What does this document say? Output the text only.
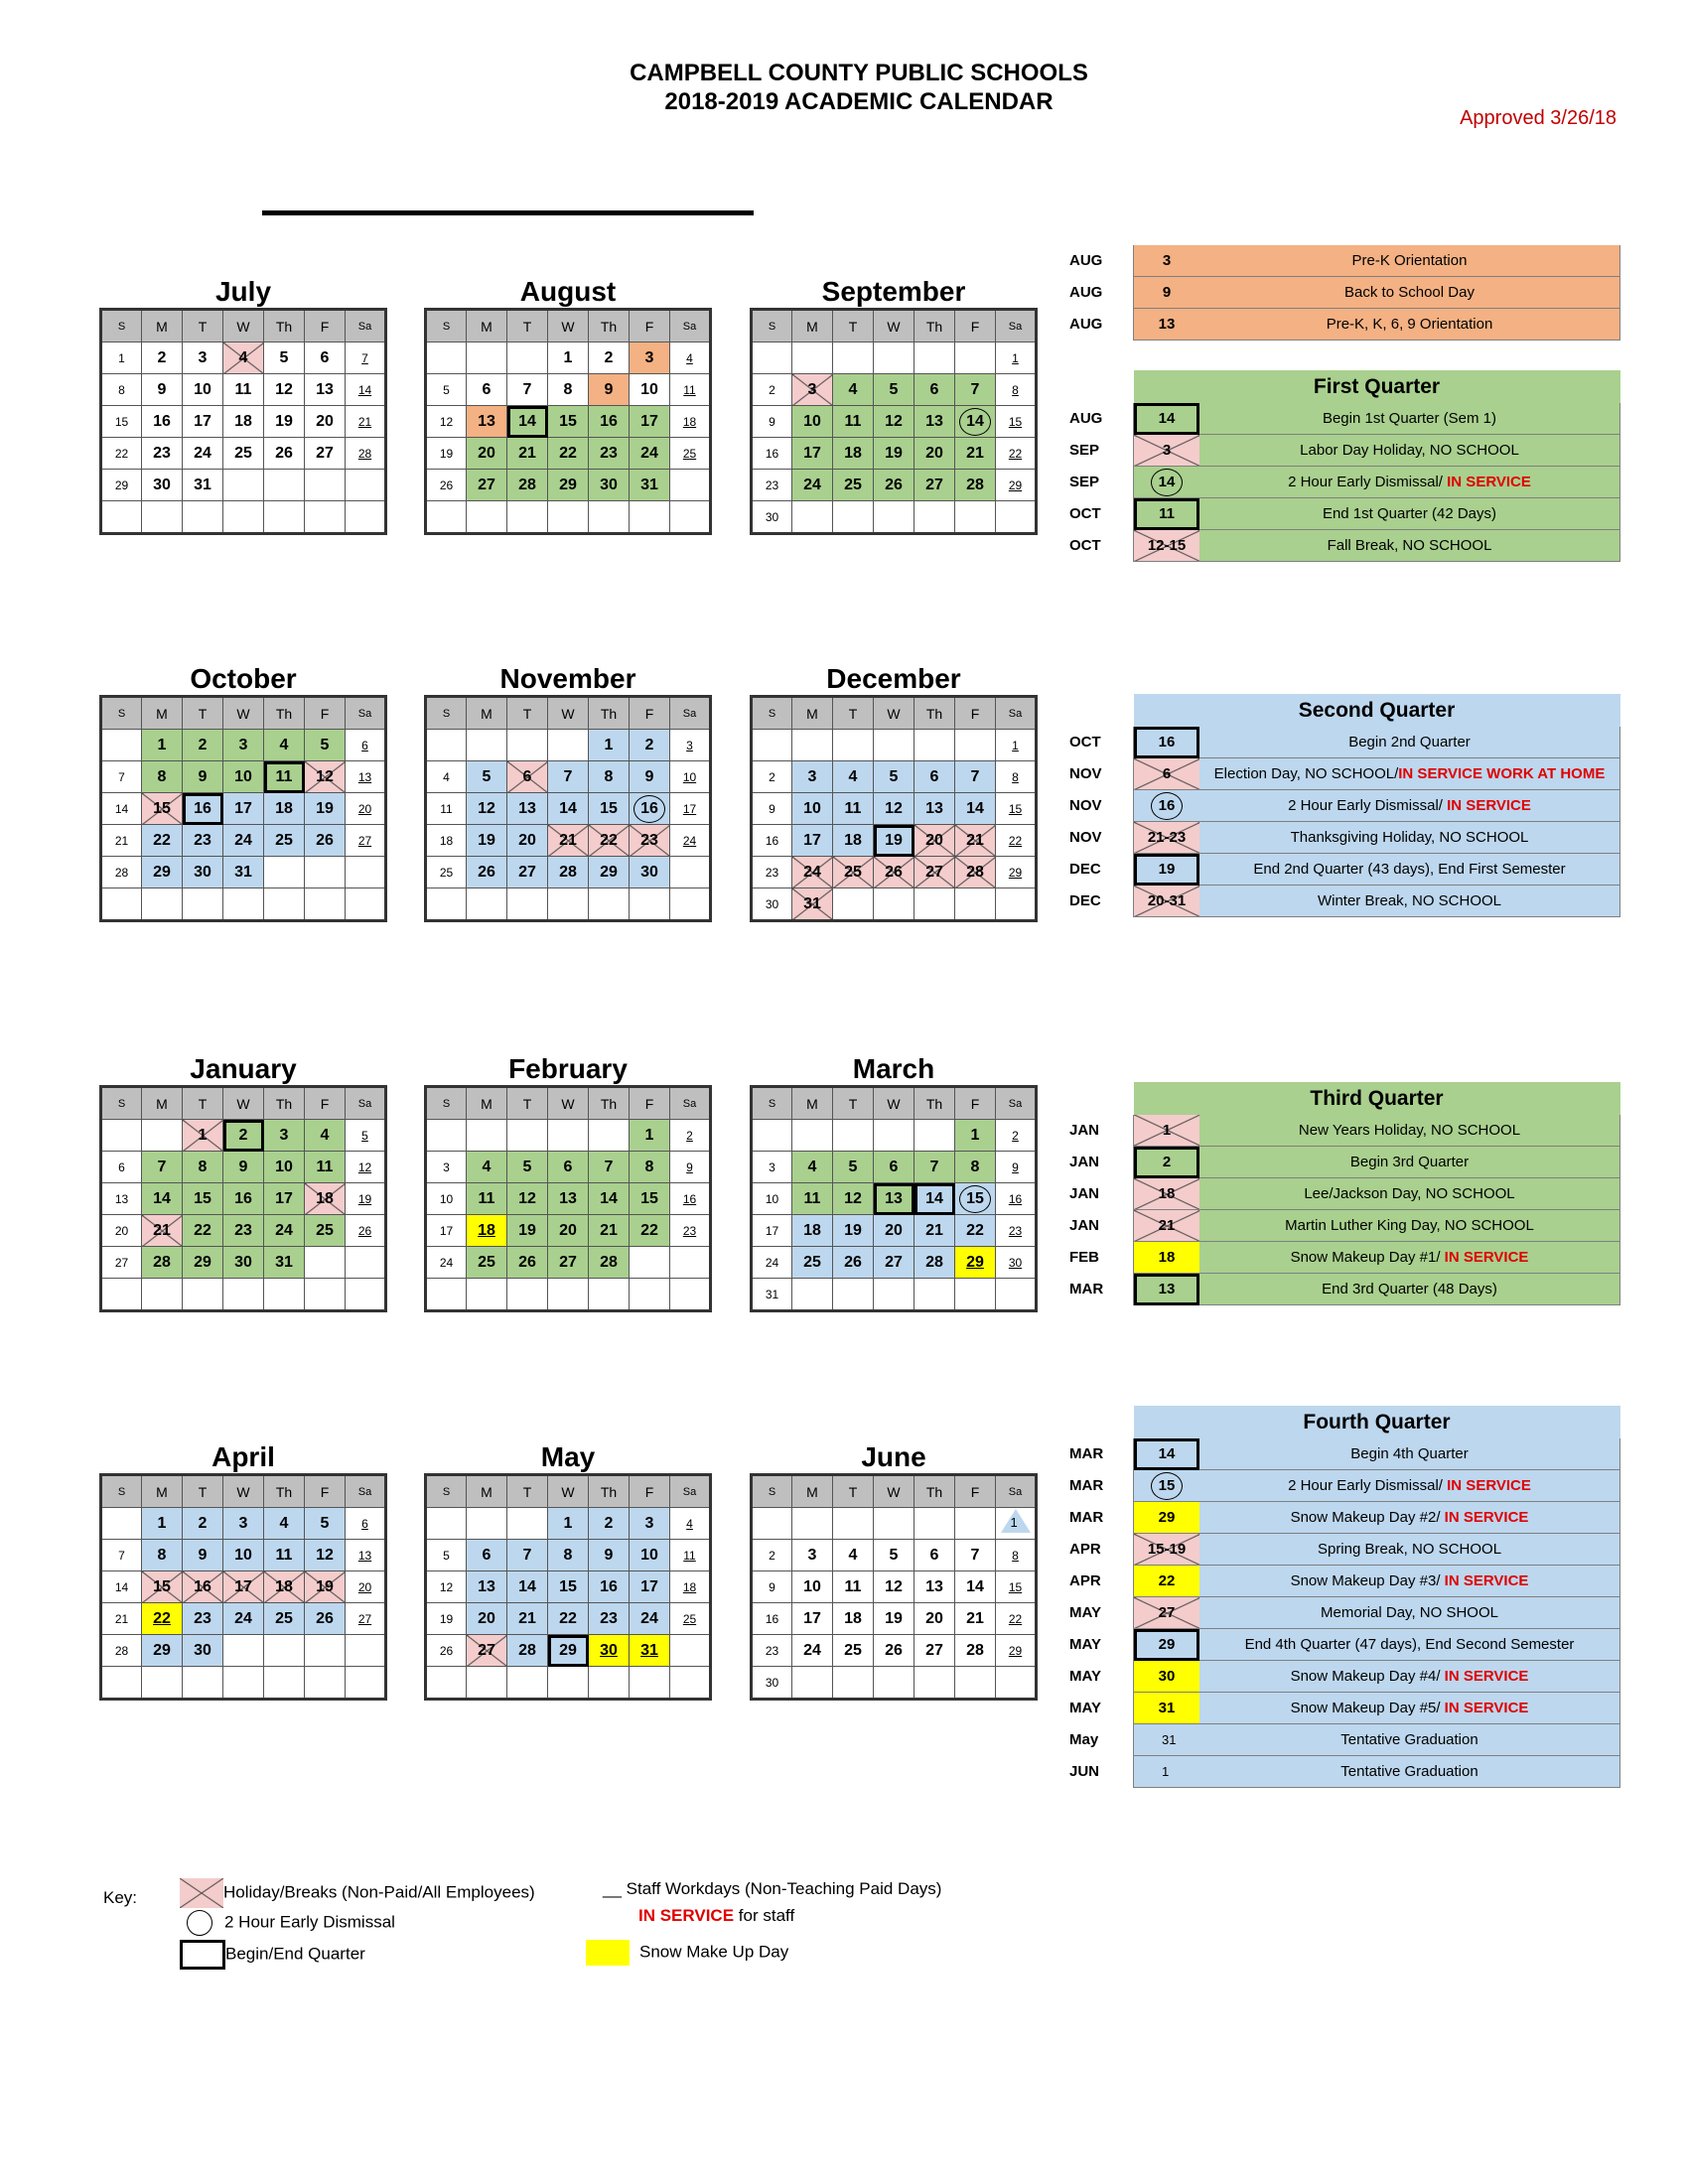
CAMPBELL COUNTY PUBLIC SCHOOLS
2018-2019 ACADEMIC CALENDAR
Approved 3/26/18
July
S	M	T	W	Th	F	Sa
1	2	3	4	5	6	7
8	9	10	11	12	13	14
15	16	17	18	19	20	21
22	23	24	25	26	27	28
29	30	31				

August
S	M	T	W	Th	F	Sa
			1	2	3	4
5	6	7	8	9	10	11
12	13	14	15	16	17	18
19	20	21	22	23	24	25
26	27	28	29	30	31	

September
S	M	T	W	Th	F	Sa
						1
2	3	4	5	6	7	8
9	10	11	12	13	14	15
16	17	18	19	20	21	22
23	24	25	26	27	28	29
30						
October
S	M	T	W	Th	F	Sa
	1	2	3	4	5	6
7	8	9	10	11	12	13
14	15	16	17	18	19	20
21	22	23	24	25	26	27
28	29	30	31			

November
S	M	T	W	Th	F	Sa
				1	2	3
4	5	6	7	8	9	10
11	12	13	14	15	16	17
18	19	20	21	22	23	24
25	26	27	28	29	30	

December
S	M	T	W	Th	F	Sa
						1
2	3	4	5	6	7	8
9	10	11	12	13	14	15
16	17	18	19	20	21	22
23	24	25	26	27	28	29
30	31					
January
S	M	T	W	Th	F	Sa
		1	2	3	4	5
6	7	8	9	10	11	12
13	14	15	16	17	18	19
20	21	22	23	24	25	26
27	28	29	30	31		

February
S	M	T	W	Th	F	Sa
					1	2
3	4	5	6	7	8	9
10	11	12	13	14	15	16
17	18	19	20	21	22	23
24	25	26	27	28		

March
S	M	T	W	Th	F	Sa
					1	2
3	4	5	6	7	8	9
10	11	12	13	14	15	16
17	18	19	20	21	22	23
24	25	26	27	28	29	30
31						
April
S	M	T	W	Th	F	Sa
	1	2	3	4	5	6
7	8	9	10	11	12	13
14	15	16	17	18	19	20
21	22	23	24	25	26	27
28	29	30				

May
S	M	T	W	Th	F	Sa
			1	2	3	4
5	6	7	8	9	10	11
12	13	14	15	16	17	18
19	20	21	22	23	24	25
26	27	28	29	30	31	

June
S	M	T	W	Th	F	Sa

						1

2	3	4	5	6	7	8
9	10	11	12	13	14	15
16	17	18	19	20	21	22
23	24	25	26	27	28	29
30						
AUG	3	Pre-K Orientation
AUG	9	Back to School Day
AUG	13	Pre-K, K, 6, 9 Orientation
	First Quarter	
AUG	14	Begin 1st Quarter (Sem 1)
SEP	3	Labor Day Holiday, NO SCHOOL
SEP	14	2 Hour Early Dismissal/ IN SERVICE
OCT	11	End 1st Quarter (42 Days)
OCT	12-15	Fall Break, NO SCHOOL
	Second Quarter	
OCT	16	Begin 2nd Quarter
NOV	6	Election Day, NO SCHOOL/IN SERVICE WORK AT HOME
NOV	16	2 Hour Early Dismissal/ IN SERVICE
NOV	21-23	Thanksgiving Holiday, NO SCHOOL
DEC	19	End 2nd Quarter (43 days), End First Semester
DEC	20-31	Winter Break, NO SCHOOL
	Third Quarter	
JAN	1	New Years Holiday, NO SCHOOL
JAN	2	Begin 3rd Quarter
JAN	18	Lee/Jackson Day, NO SCHOOL
JAN	21	Martin Luther King Day, NO SCHOOL
FEB	18	Snow Makeup Day #1/ IN SERVICE
MAR	13	End 3rd Quarter (48 Days)
	Fourth Quarter	
MAR	14	Begin 4th Quarter
MAR	15	2 Hour Early Dismissal/ IN SERVICE
MAR	29	Snow Makeup Day #2/ IN SERVICE
APR	15-19	Spring Break, NO SCHOOL
APR	22	Snow Makeup Day #3/ IN SERVICE
MAY	27	Memorial Day, NO SHOOL
MAY	29	End 4th Quarter (47 days), End Second Semester
MAY	30	Snow Makeup Day #4/ IN SERVICE
MAY	31	Snow Makeup Day #5/ IN SERVICE
May	31	Tentative Graduation
JUN	1	Tentative Graduation
Key:	Holiday/Breaks (Non-Paid/All Employees)
2 Hour Early Dismissal
Begin/End Quarter
__ Staff Workdays (Non-Teaching Paid Days)
IN SERVICE for staff
Snow Make Up Day
